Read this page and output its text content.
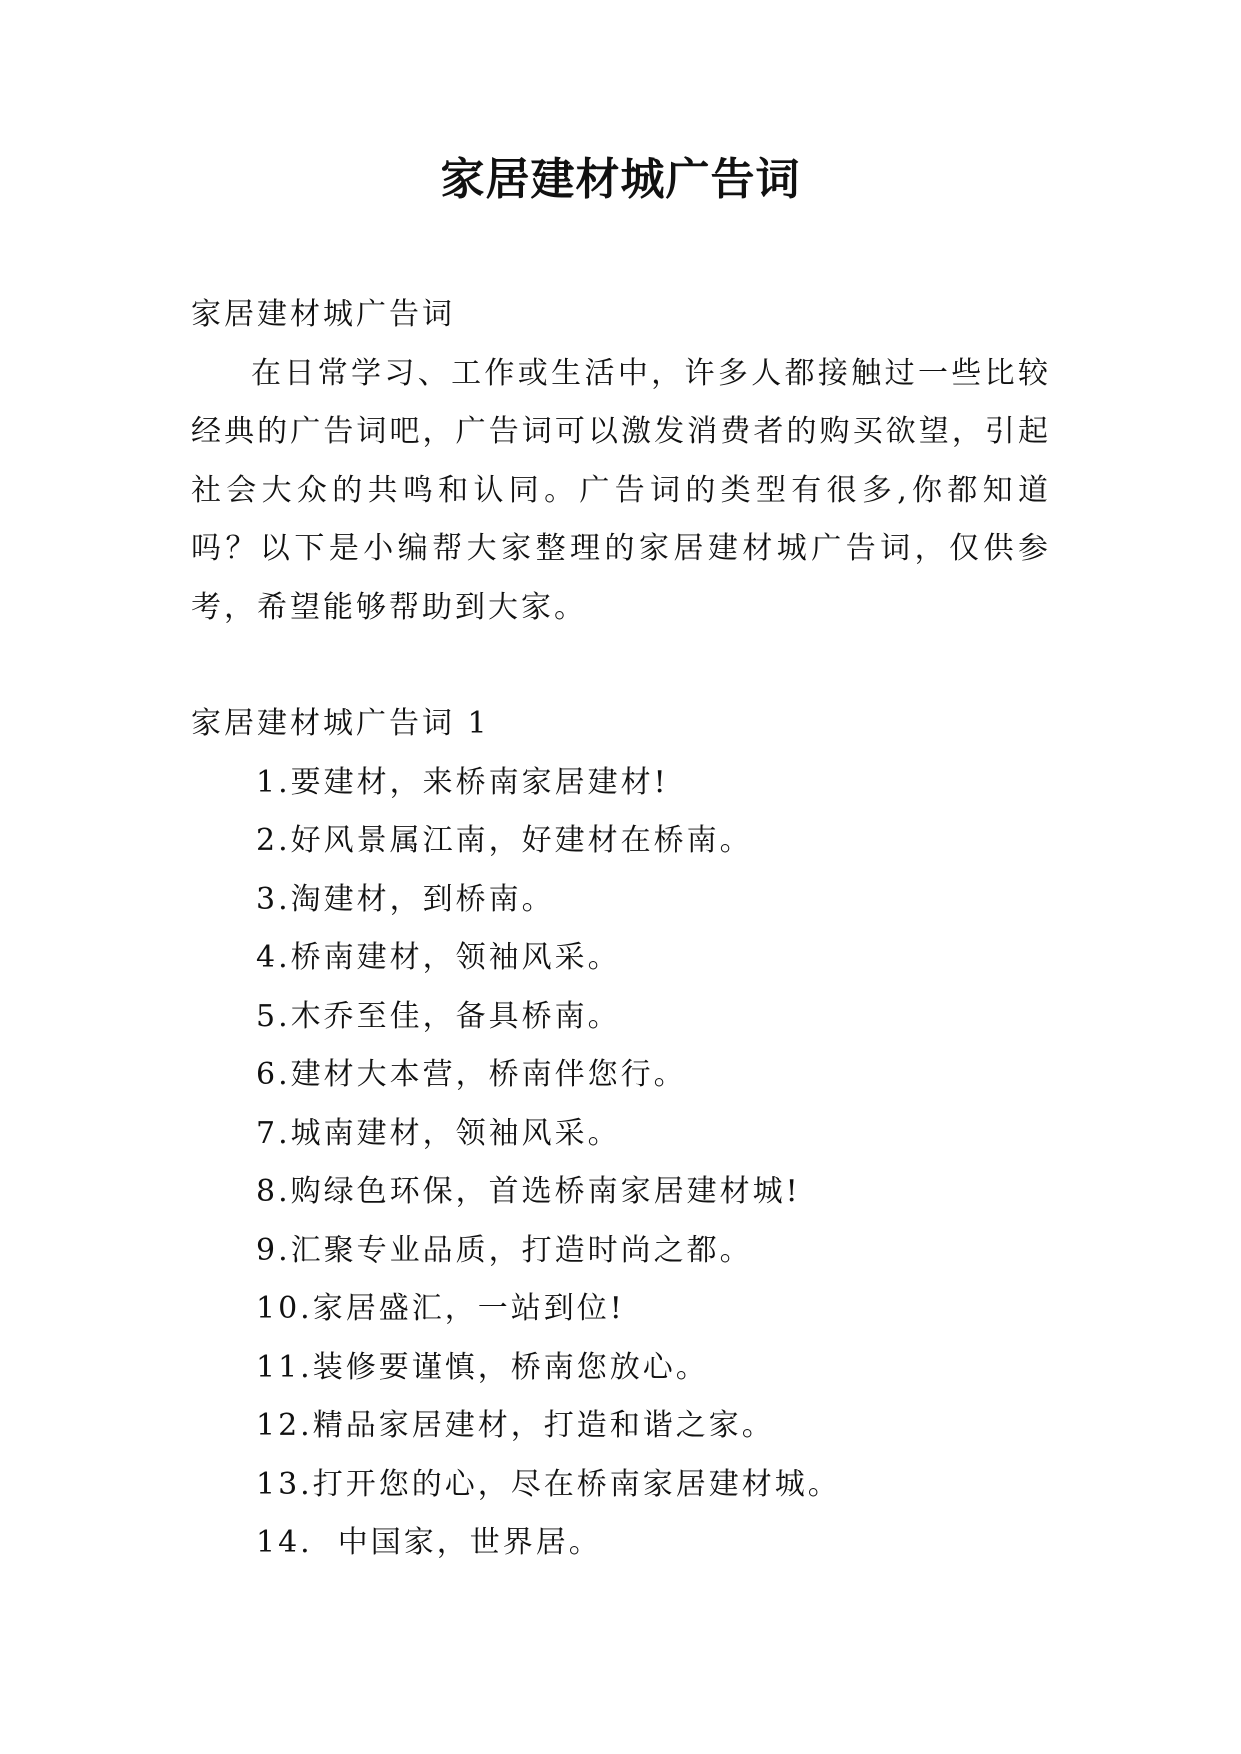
家居建材城广告词

家居建材城广告词

在日常学习、工作或生活中，许多人都接触过一些比较经典的广告词吧，广告词可以激发消费者的购买欲望，引起社会大众的共鸣和认同。广告词的类型有很多,你都知道吗？以下是小编帮大家整理的家居建材城广告词，仅供参考，希望能够帮助到大家。

家居建材城广告词 1

1.要建材，来桥南家居建材!
2.好风景属江南，好建材在桥南。
3.淘建材，到桥南。
4.桥南建材，领袖风采。
5.木乔至佳，备具桥南。
6.建材大本营，桥南伴您行。
7.城南建材，领袖风采。
8.购绿色环保，首选桥南家居建材城!
9.汇聚专业品质，打造时尚之都。
10.家居盛汇，一站到位!
11.装修要谨慎，桥南您放心。
12.精品家居建材，打造和谐之家。
13.打开您的心，尽在桥南家居建材城。
14.  中国家，世界居。
